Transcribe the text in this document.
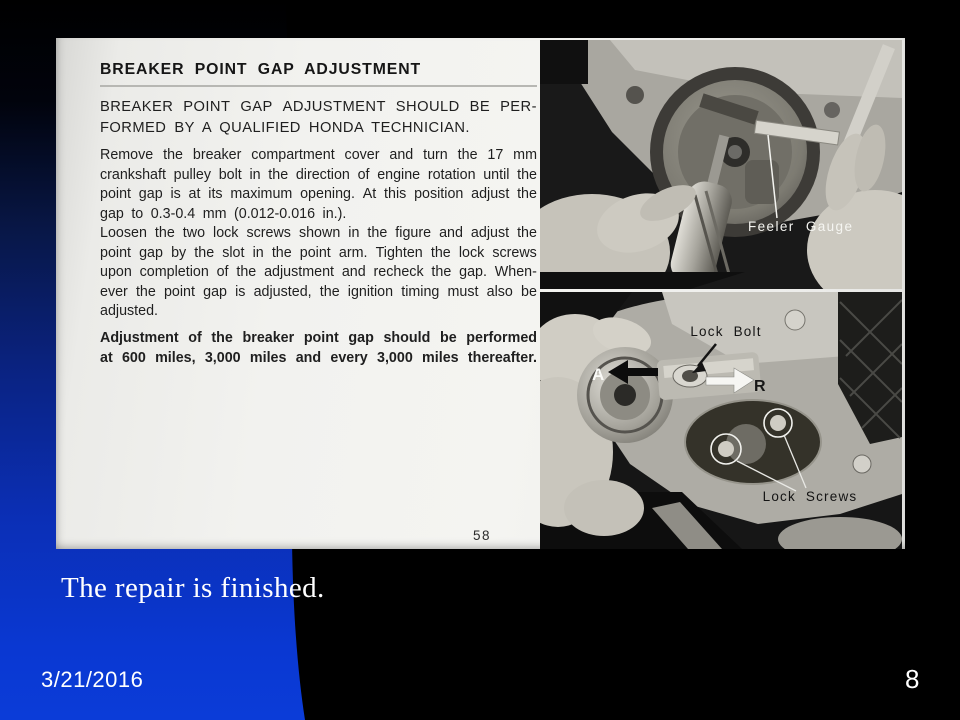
BREAKER POINT GAP ADJUSTMENT
BREAKER POINT GAP ADJUSTMENT SHOULD BE PER-
FORMED BY A QUALIFIED HONDA TECHNICIAN.
Remove the breaker compartment cover and turn the 17 mm
crankshaft pulley bolt in the direction of engine rotation until the
point gap is at its maximum opening. At this position adjust the
gap to 0.3-0.4 mm (0.012-0.016 in.).
Loosen the two lock screws shown in the figure and adjust the
point gap by the slot in the point arm. Tighten the lock screws
upon completion of the adjustment and recheck the gap. When-
ever the point gap is adjusted, the ignition timing must also be
adjusted.
Adjustment of the breaker point gap should be performed
at 600 miles, 3,000 miles and every 3,000 miles thereafter.
58
Feeler Gauge
Lock Bolt
A
R
Lock Screws
The repair is finished.
3/21/2016	8
